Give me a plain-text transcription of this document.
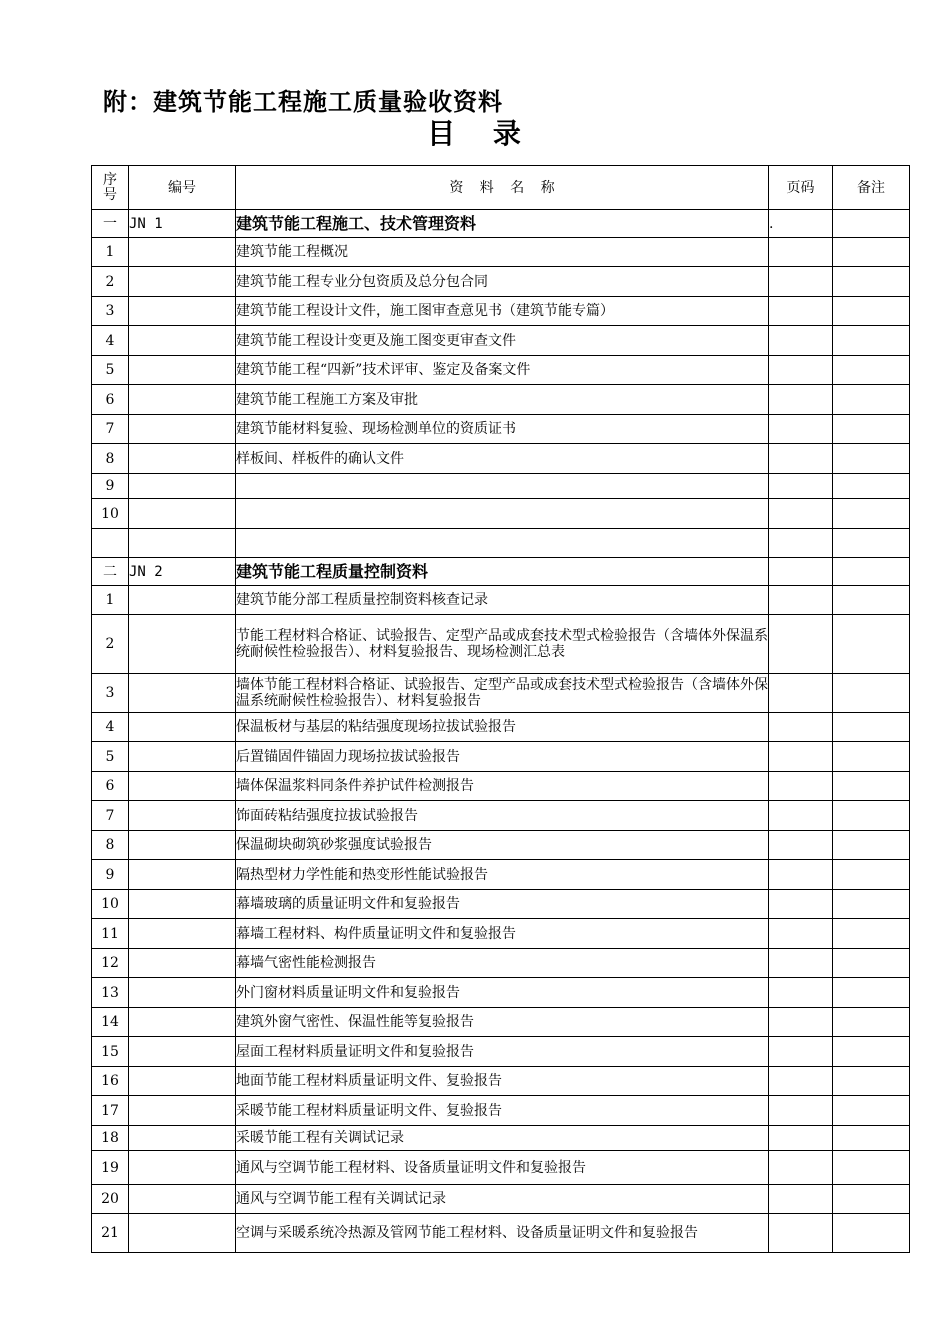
附：建筑节能工程施工质量验收资料
目 录
序
号	编号	资 料 名 称	页码	备注
一	JN 1	建筑节能工程施工、技术管理资料	.	
1		建筑节能工程概况		
2		建筑节能工程专业分包资质及总分包合同		
3		建筑节能工程设计文件，施工图审查意见书（建筑节能专篇）		
4		建筑节能工程设计变更及施工图变更审查文件		
5		建筑节能工程“四新”技术评审、鉴定及备案文件		
6		建筑节能工程施工方案及审批		
7		建筑节能材料复验、现场检测单位的资质证书		
8		样板间、样板件的确认文件		
9				
10				

二	JN 2	建筑节能工程质量控制资料		
1		建筑节能分部工程质量控制资料核查记录		
2		节能工程材料合格证、试验报告、定型产品或成套技术型式检验报告（含墙体外保温系统耐候性检验报告）、材料复验报告、现场检测汇总表		
3		墙体节能工程材料合格证、试验报告、定型产品或成套技术型式检验报告（含墙体外保温系统耐候性检验报告）、材料复验报告		
4		保温板材与基层的粘结强度现场拉拔试验报告		
5		后置锚固件锚固力现场拉拔试验报告		
6		墙体保温浆料同条件养护试件检测报告		
7		饰面砖粘结强度拉拔试验报告		
8		保温砌块砌筑砂浆强度试验报告		
9		隔热型材力学性能和热变形性能试验报告		
10		幕墙玻璃的质量证明文件和复验报告		
11		幕墙工程材料、构件质量证明文件和复验报告		
12		幕墙气密性能检测报告		
13		外门窗材料质量证明文件和复验报告		
14		建筑外窗气密性、保温性能等复验报告		
15		屋面工程材料质量证明文件和复验报告		
16		地面节能工程材料质量证明文件、复验报告		
17		采暖节能工程材料质量证明文件、复验报告		
18		采暖节能工程有关调试记录		
19		通风与空调节能工程材料、设备质量证明文件和复验报告		
20		通风与空调节能工程有关调试记录		
21		空调与采暖系统冷热源及管网节能工程材料、设备质量证明文件和复验报告		
